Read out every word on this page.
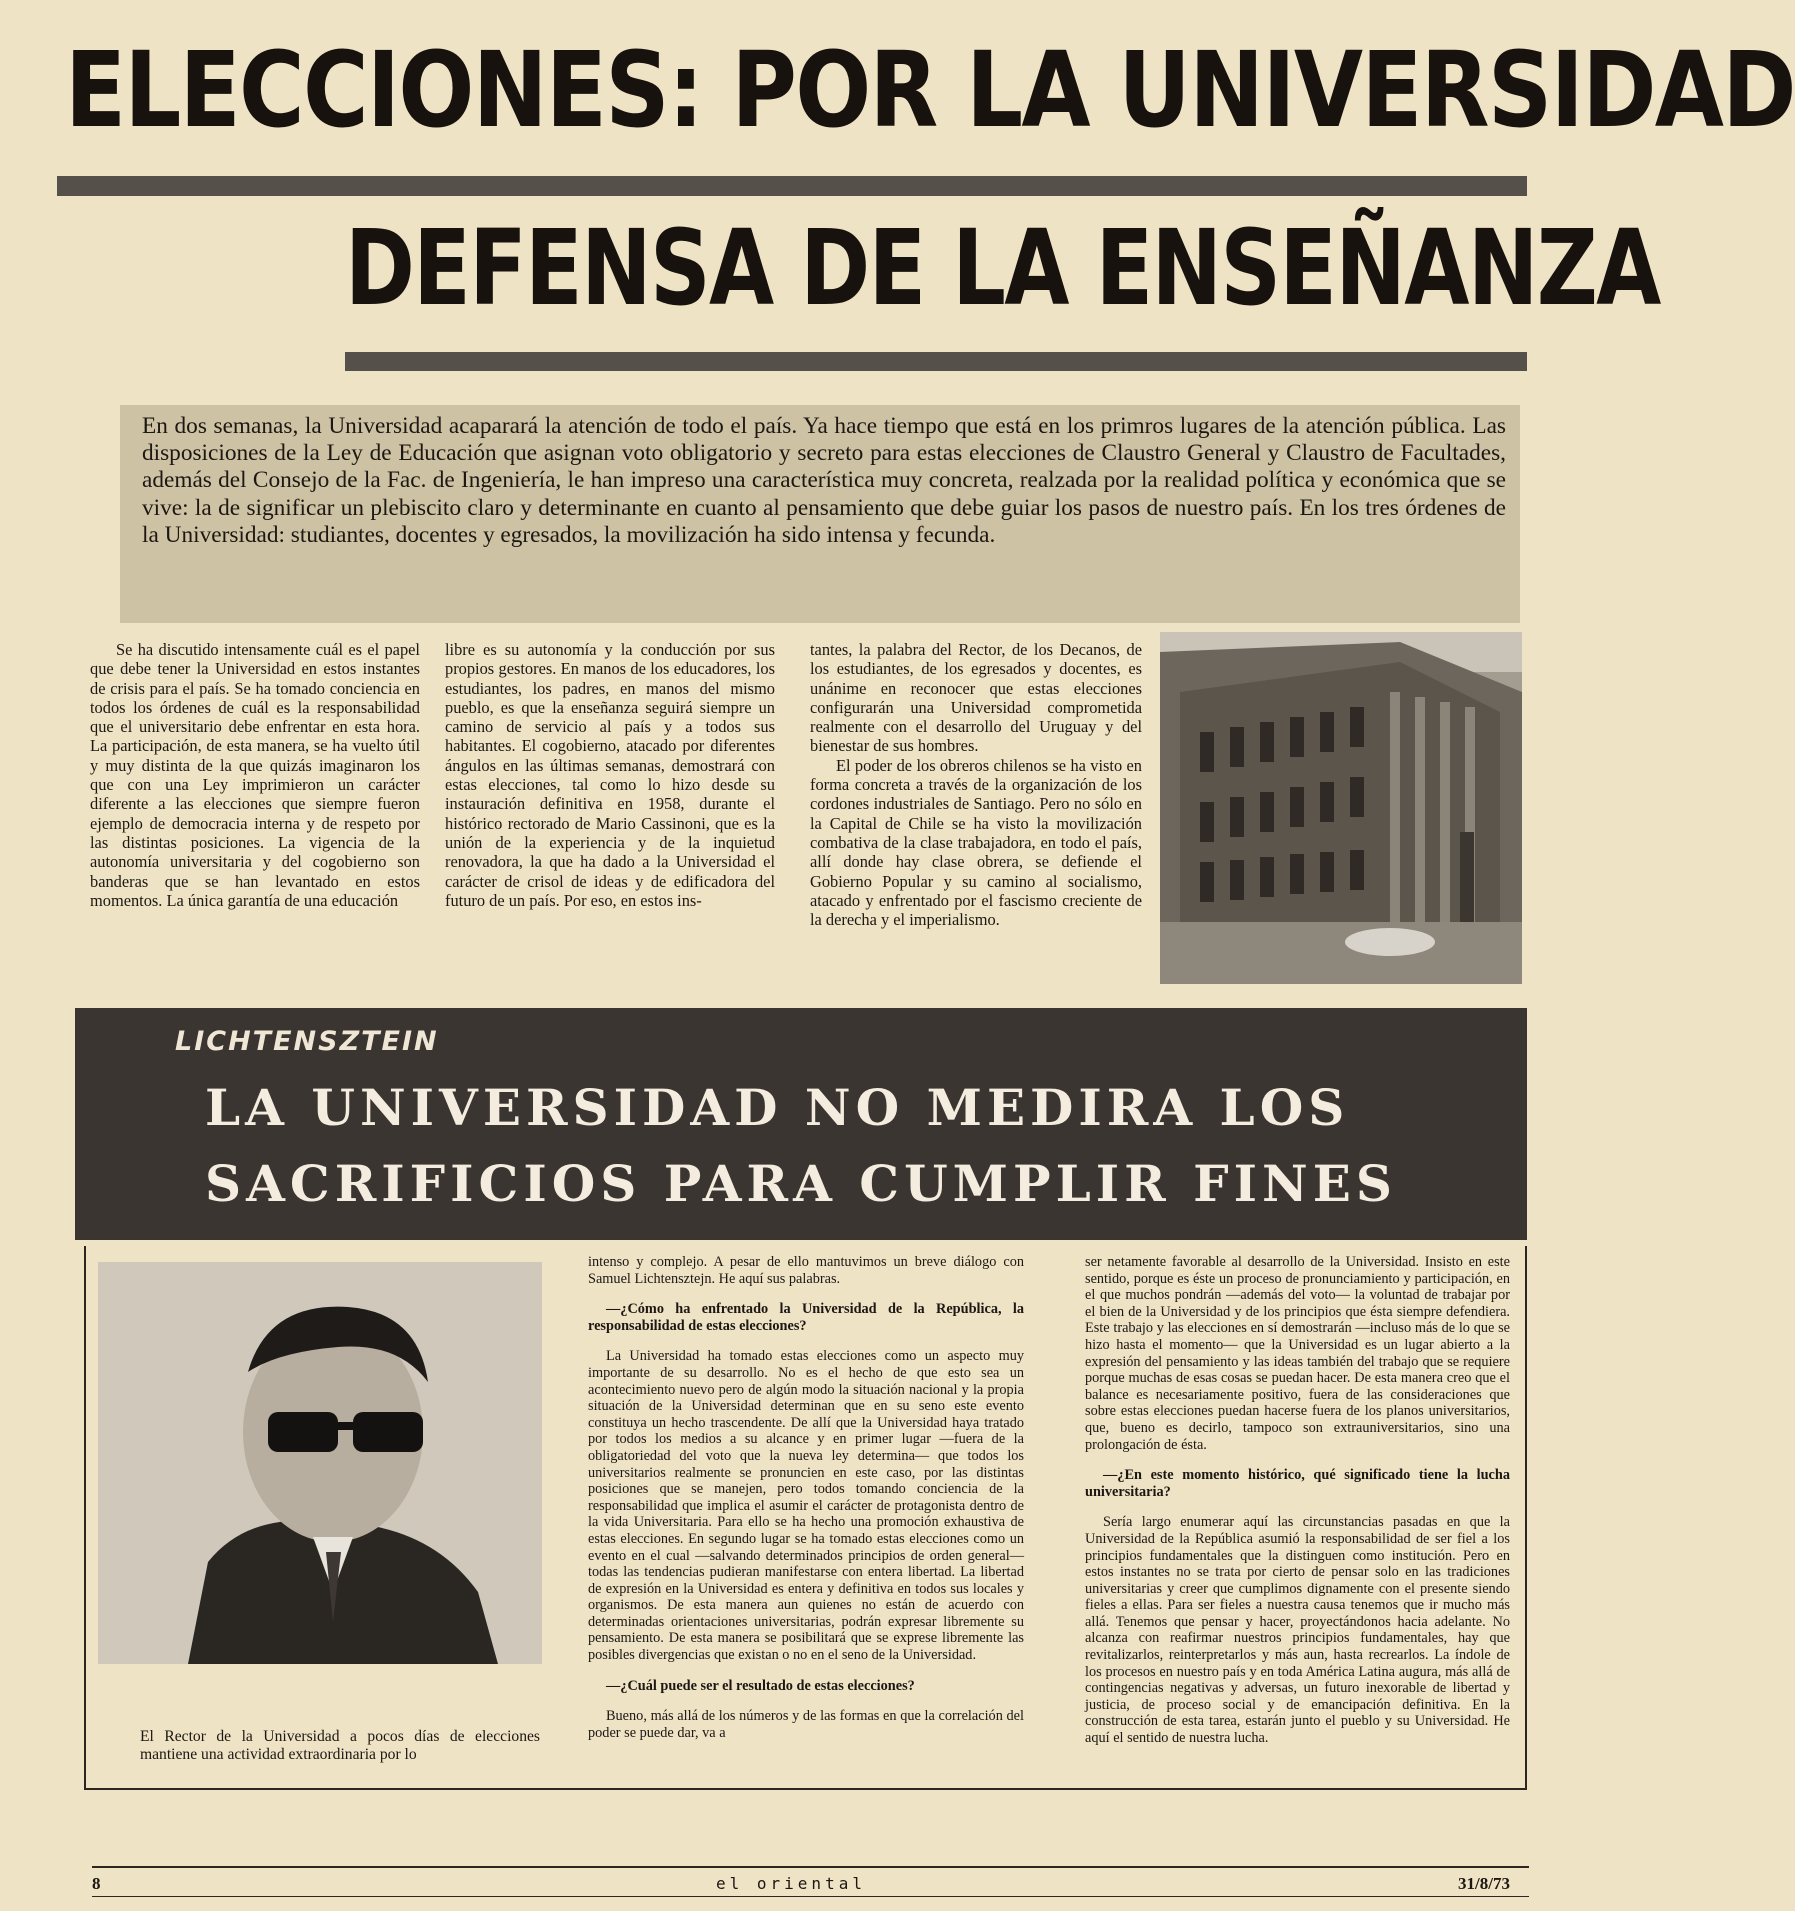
ELECCIONES: POR LA UNIVERSIDAD
DEFENSA DE LA ENSEÑANZA

En dos semanas, la Universidad acaparará la atención de todo el país. Ya hace tiempo que está en los primros lugares de la atención pública. Las disposiciones de la Ley de Educación que asignan voto obligatorio y secreto para estas elecciones de Claustro General y Claustro de Facultades, además del Consejo de la Fac. de Ingeniería, le han impreso una característica muy concreta, realzada por la realidad política y económica que se vive: la de significar un plebiscito claro y determinante en cuanto al pensamiento que debe guiar los pasos de nuestro país. En los tres órdenes de la Universidad: studiantes, docentes y egresados, la movilización ha sido intensa y fecunda.

Se ha discutido intensamente cuál es el papel que debe tener la Universidad en estos instantes de crisis para el país. Se ha tomado conciencia en todos los órdenes de cuál es la responsabilidad que el universitario debe enfrentar en esta hora. La participación, de esta manera, se ha vuelto útil y muy distinta de la que quizás imaginaron los que con una Ley imprimieron un carácter diferente a las elecciones que siempre fueron ejemplo de democracia interna y de respeto por las distintas posiciones. La vigencia de la autonomía universitaria y del cogobierno son banderas que se han levantado en estos momentos. La única garantía de una educación

libre es su autonomía y la conducción por sus propios gestores. En manos de los educadores, los estudiantes, los padres, en manos del mismo pueblo, es que la enseñanza seguirá siempre un camino de servicio al país y a todos sus habitantes. El cogobierno, atacado por diferentes ángulos en las últimas semanas, demostrará con estas elecciones, tal como lo hizo desde su instauración definitiva en 1958, durante el histórico rectorado de Mario Cassinoni, que es la unión de la experiencia y de la inquietud renovadora, la que ha dado a la Universidad el carácter de crisol de ideas y de edificadora del futuro de un país. Por eso, en estos ins-

tantes, la palabra del Rector, de los Decanos, de los estudiantes, de los egresados y docentes, es unánime en reconocer que estas elecciones configurarán una Universidad comprometida realmente con el desarrollo del Uruguay y del bienestar de sus hombres.

El poder de los obreros chilenos se ha visto en forma concreta a través de la organización de los cordones industriales de Santiago. Pero no sólo en la Capital de Chile se ha visto la movilización combativa de la clase trabajadora, en todo el país, allí donde hay clase obrera, se defiende el Gobierno Popular y su camino al socialismo, atacado y enfrentado por el fascismo creciente de la derecha y el imperialismo.

LICHTENSZTEIN

LA UNIVERSIDAD NO MEDIRA LOS

SACRIFICIOS PARA CUMPLIR FINES

El Rector de la Universidad a pocos días de elecciones mantiene una actividad extraordinaria por lo

intenso y complejo. A pesar de ello mantuvimos un breve diálogo con Samuel Lichtensztejn. He aquí sus palabras.

—¿Cómo ha enfrentado la Universidad de la República, la responsabilidad de estas elecciones?

La Universidad ha tomado estas elecciones como un aspecto muy importante de su desarrollo. No es el hecho de que esto sea un acontecimiento nuevo pero de algún modo la situación nacional y la propia situación de la Universidad determinan que en su seno este evento constituya un hecho trascendente. De allí que la Universidad haya tratado por todos los medios a su alcance y en primer lugar —fuera de la obligatoriedad del voto que la nueva ley determina— que todos los universitarios realmente se pronuncien en este caso, por las distintas posiciones que se manejen, pero todos tomando conciencia de la responsabilidad que implica el asumir el carácter de protagonista dentro de la vida Universitaria. Para ello se ha hecho una promoción exhaustiva de estas elecciones. En segundo lugar se ha tomado estas elecciones como un evento en el cual —salvando determinados principios de orden general— todas las tendencias pudieran manifestarse con entera libertad. La libertad de expresión en la Universidad es entera y definitiva en todos sus locales y organismos. De esta manera aun quienes no están de acuerdo con determinadas orientaciones universitarias, podrán expresar libremente su pensamiento. De esta manera se posibilitará que se exprese libremente las posibles divergencias que existan o no en el seno de la Universidad.

—¿Cuál puede ser el resultado de estas elecciones?

Bueno, más allá de los números y de las formas en que la correlación del poder se puede dar, va a

ser netamente favorable al desarrollo de la Universidad. Insisto en este sentido, porque es éste un proceso de pronunciamiento y participación, en el que muchos pondrán —además del voto— la voluntad de trabajar por el bien de la Universidad y de los principios que ésta siempre defendiera. Este trabajo y las elecciones en sí demostrarán —incluso más de lo que se hizo hasta el momento— que la Universidad es un lugar abierto a la expresión del pensamiento y las ideas también del trabajo que se requiere porque muchas de esas cosas se puedan hacer. De esta manera creo que el balance es necesariamente positivo, fuera de las consideraciones que sobre estas elecciones puedan hacerse fuera de los planos universitarios, que, bueno es decirlo, tampoco son extrauniversitarios, sino una prolongación de ésta.

—¿En este momento histórico, qué significado tiene la lucha universitaria?

Sería largo enumerar aquí las circunstancias pasadas en que la Universidad de la República asumió la responsabilidad de ser fiel a los principios fundamentales que la distinguen como institución. Pero en estos instantes no se trata por cierto de pensar solo en las tradiciones universitarias y creer que cumplimos dignamente con el presente siendo fieles a ellas. Para ser fieles a nuestra causa tenemos que ir mucho más allá. Tenemos que pensar y hacer, proyectándonos hacia adelante. No alcanza con reafirmar nuestros principios fundamentales, hay que revitalizarlos, reinterpretarlos y más aun, hasta recrearlos. La índole de los procesos en nuestro país y en toda América Latina augura, más allá de contingencias negativas y adversas, un futuro inexorable de libertad y justicia, de proceso social y de emancipación definitiva. En la construcción de esta tarea, estarán junto el pueblo y su Universidad. He aquí el sentido de nuestra lucha.

8	el oriental	31/8/73
